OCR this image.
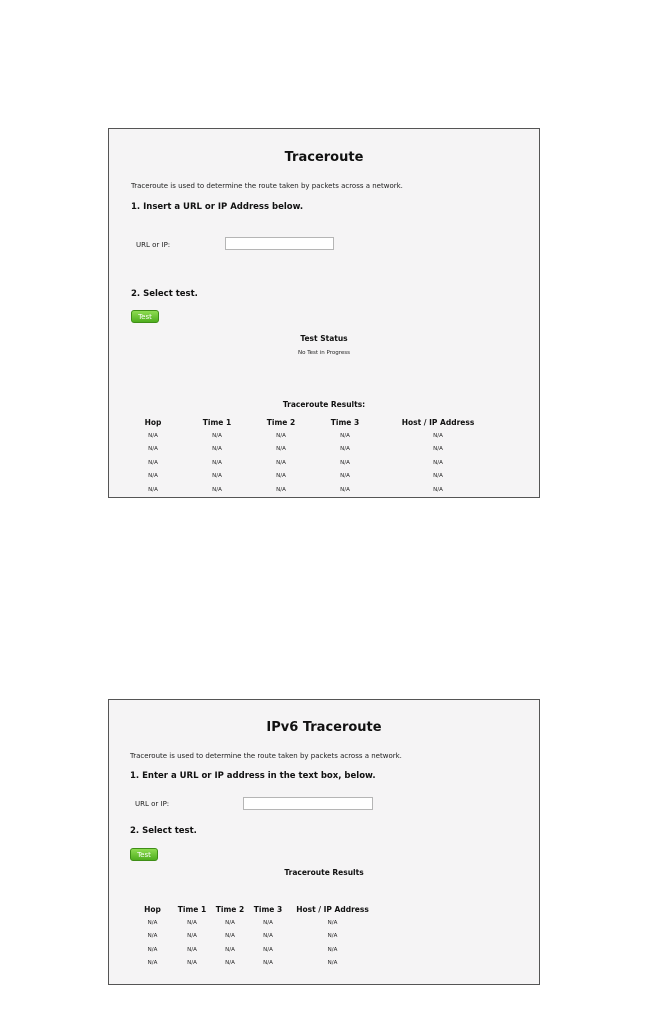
Traceroute
Traceroute is used to determine the route taken by packets across a network.
1. Insert a URL or IP Address below.
URL or IP:
2. Select test.
Test
Test Status
No Test in Progress
Traceroute Results:
Hop	Time 1	Time 2	Time 3	Host / IP Address
N/A	N/A	N/A	N/A	N/A
N/A	N/A	N/A	N/A	N/A
N/A	N/A	N/A	N/A	N/A
N/A	N/A	N/A	N/A	N/A
N/A	N/A	N/A	N/A	N/A
IPv6 Traceroute
Traceroute is used to determine the route taken by packets across a network.
1. Enter a URL or IP address in the text box, below.
URL or IP:
2. Select test.
Test
Traceroute Results
Hop	Time 1	Time 2	Time 3	Host / IP Address
N/A	N/A	N/A	N/A	N/A
N/A	N/A	N/A	N/A	N/A
N/A	N/A	N/A	N/A	N/A
N/A	N/A	N/A	N/A	N/A
